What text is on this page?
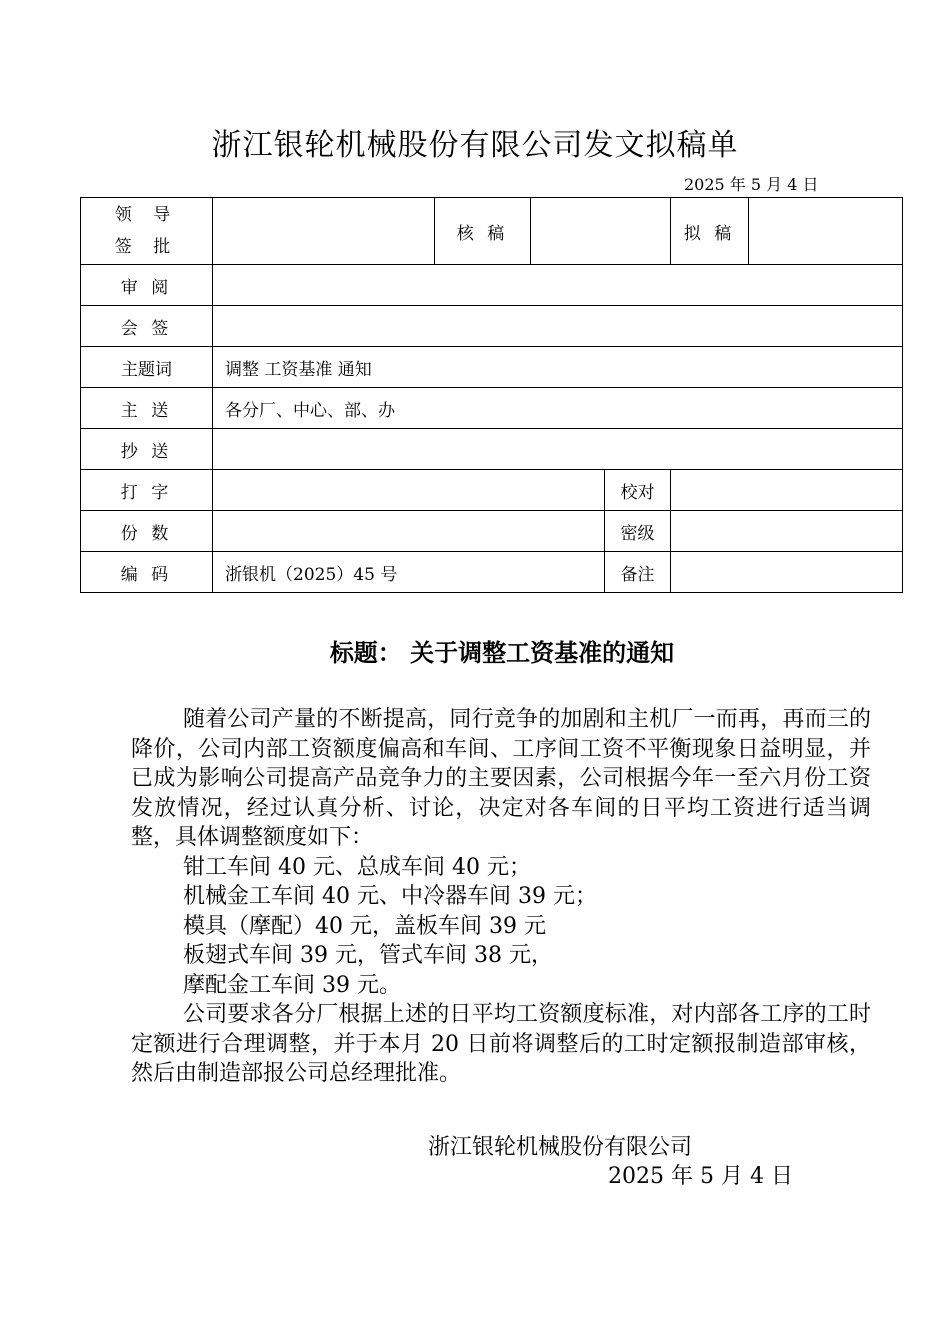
浙江银轮机械股份有限公司发文拟稿单
2025 年 5 月 4 日
领 导
签 批		核 稿			拟 稿	
审 阅						
会 签						
主题词	调整 工资基准 通知					
主 送	各分厂、中心、部、办					
抄 送						
打 字				校对		
份 数				密级		
编 码	浙银机（2025）45 号			备注		
标题： 关于调整工资基准的通知

随着公司产量的不断提高，同行竞争的加剧和主机厂一而再，再而三的降价，公司内部工资额度偏高和车间、工序间工资不平衡现象日益明显，并已成为影响公司提高产品竞争力的主要因素，公司根据今年一至六月份工资发放情况，经过认真分析、讨论，决定对各车间的日平均工资进行适当调整，具体调整额度如下：

钳工车间 40 元、总成车间 40 元；

机械金工车间 40 元、中冷器车间 39 元；

模具（摩配）40 元，盖板车间 39 元

板翅式车间 39 元，管式车间 38 元，

摩配金工车间 39 元。

公司要求各分厂根据上述的日平均工资额度标准，对内部各工序的工时定额进行合理调整，并于本月 20 日前将调整后的工时定额报制造部审核，然后由制造部报公司总经理批准。

浙江银轮机械股份有限公司
2025 年 5 月 4 日
